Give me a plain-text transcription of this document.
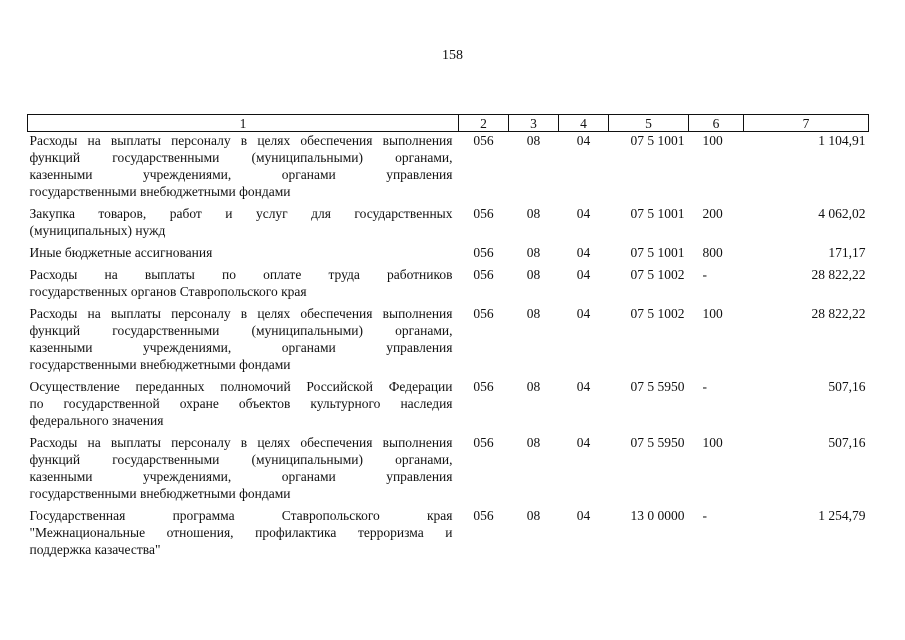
158
1	2	3	4	5	6	7

Расходы на выплаты персоналу в целях обеспечения выполнения
функций государственными (муниципальными) органами,
казенными учреждениями, органами управления
государственными внебюджетными фондами	056	08	04	07 5 1001	100	1 104,91

Закупка товаров, работ и услуг для государственных
(муниципальных) нужд	056	08	04	07 5 1001	200	4 062,02

Иные бюджетные ассигнования	056	08	04	07 5 1001	800	171,17

Расходы на выплаты по оплате труда работников
государственных органов Ставропольского края	056	08	04	07 5 1002	-	28 822,22

Расходы на выплаты персоналу в целях обеспечения выполнения
функций государственными (муниципальными) органами,
казенными учреждениями, органами управления
государственными внебюджетными фондами	056	08	04	07 5 1002	100	28 822,22

Осуществление переданных полномочий Российской Федерации
по государственной охране объектов культурного наследия
федерального значения	056	08	04	07 5 5950	-	507,16

Расходы на выплаты персоналу в целях обеспечения выполнения
функций государственными (муниципальными) органами,
казенными учреждениями, органами управления
государственными внебюджетными фондами	056	08	04	07 5 5950	100	507,16

Государственная программа Ставропольского края
"Межнациональные отношения, профилактика терроризма и
поддержка казачества"	056	08	04	13 0 0000	-	1 254,79
